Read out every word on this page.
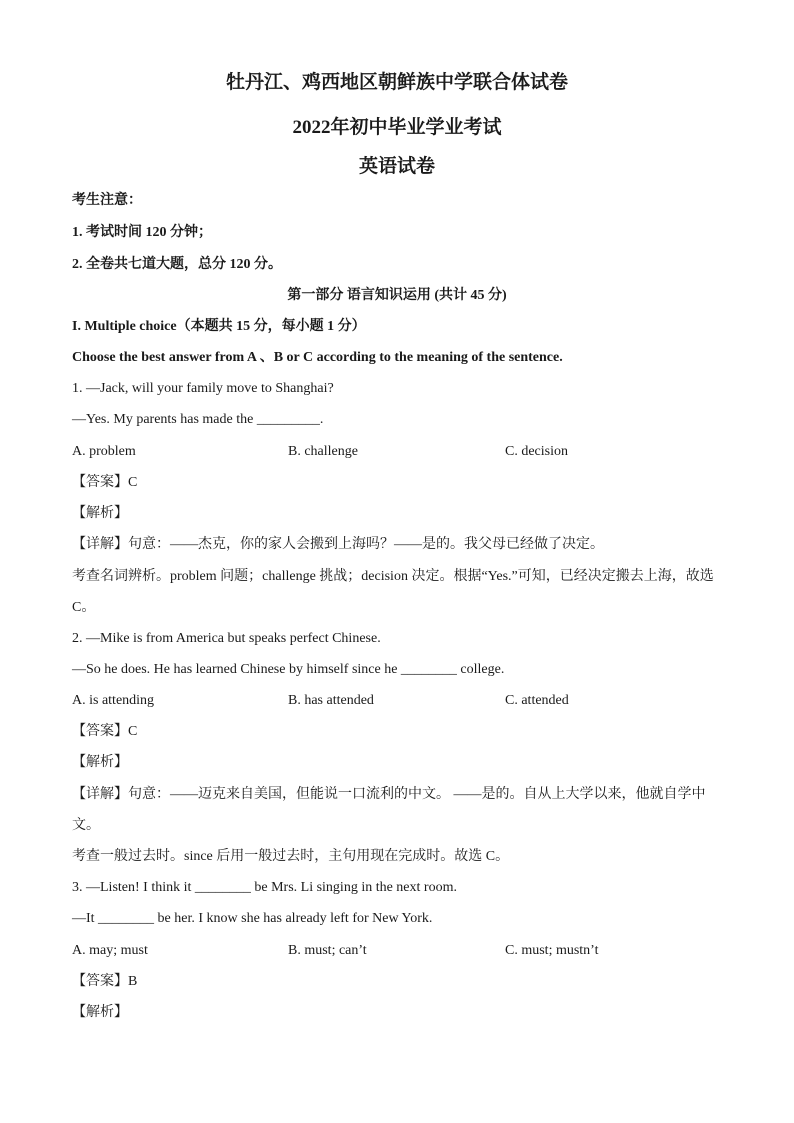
牡丹江、鸡西地区朝鲜族中学联合体试卷
2022年初中毕业学业考试
英语试卷
考生注意：
1. 考试时间 120 分钟；
2. 全卷共七道大题，总分 120 分。
第一部分 语言知识运用 (共计 45 分)
I. Multiple choice（本题共 15 分，每小题 1 分）
Choose the best answer from A 、B or C according to the meaning of the sentence.
1. —Jack, will your family move to Shanghai?
—Yes. My parents has made the _________.
A. problem	B. challenge	C. decision
【答案】C
【解析】
【详解】句意：——杰克，你的家人会搬到上海吗？——是的。我父母已经做了决定。
考查名词辨析。problem 问题；challenge 挑战；decision 决定。根据“Yes.”可知，已经决定搬去上海，故选
C。
2. —Mike is from America but speaks perfect Chinese.
—So he does. He has learned Chinese by himself since he ________ college.
A. is attending	B. has attended	C. attended
【答案】C
【解析】
【详解】句意：——迈克来自美国，但能说一口流利的中文。 ——是的。自从上大学以来，他就自学中
文。
考查一般过去时。since 后用一般过去时，主句用现在完成时。故选 C。
3. —Listen! I think it ________ be Mrs. Li singing in the next room.
—It ________ be her. I know she has already left for New York.
A. may; must	B. must; can’t	C. must; mustn’t
【答案】B
【解析】
